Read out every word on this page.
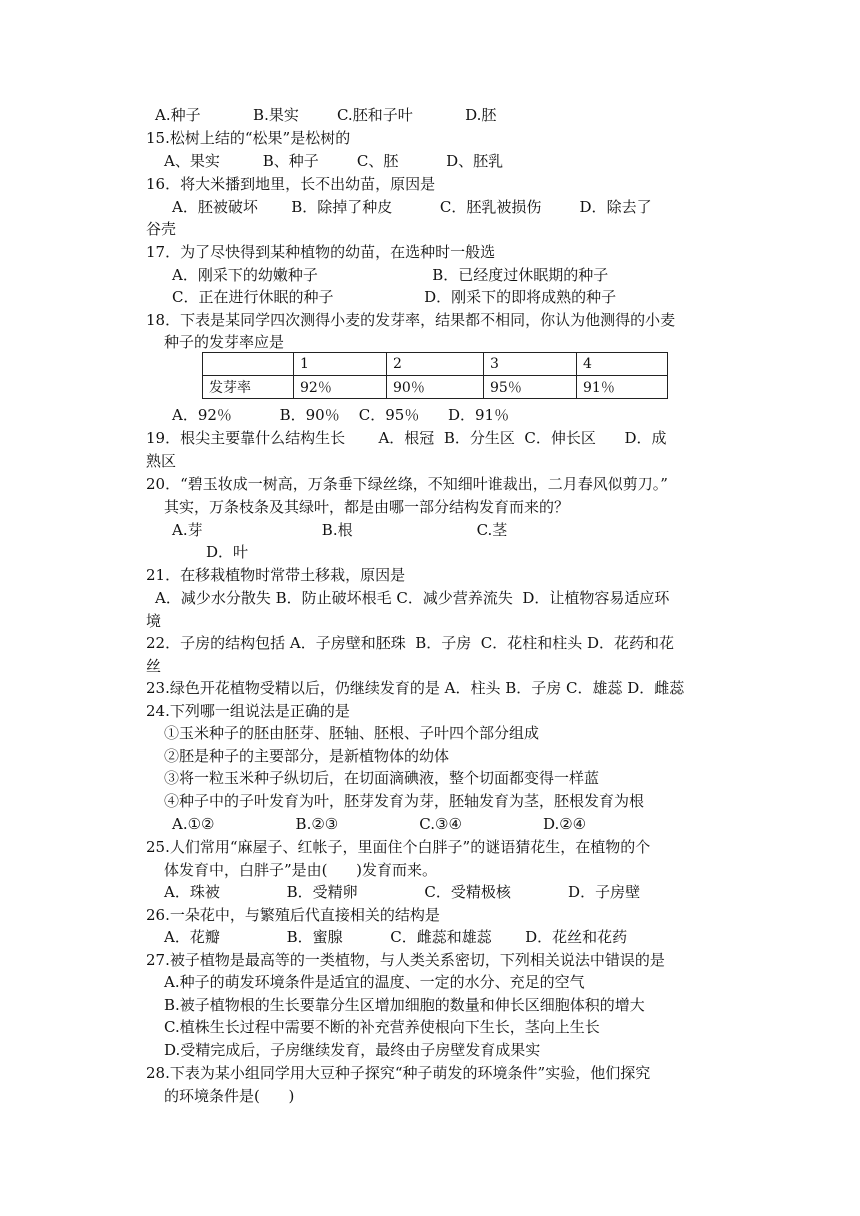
A.种子           B.果实        C.胚和子叶           D.胚
15.松树上结的“松果”是松树的
A、果实         B、种子        C、胚          D、胚乳
16．将大米播到地里，长不出幼苗，原因是
A．胚被破坏       B．除掉了种皮          C．胚乳被损伤        D．除去了
谷壳
17．为了尽快得到某种植物的幼苗，在选种时一般选
A．刚采下的幼嫩种子                        B．已经度过休眠期的种子
C．正在进行休眠的种子                   D．刚采下的即将成熟的种子
18．下表是某同学四次测得小麦的发芽率，结果都不相同，你认为他测得的小麦
种子的发芽率应是
	1	2	3	4
发芽率	92％	90％	95％	91％
A．92％          B．90％    C．95％      D．91％
19．根尖主要靠什么结构生长       A．根冠  B．分生区  C．伸长区      D．成
熟区
20．“碧玉妆成一树高，万条垂下绿丝绦，不知细叶谁裁出，二月春风似剪刀。”
其实，万条枝条及其绿叶，都是由哪一部分结构发育而来的？
A.芽                         B.根                          C.茎
D．叶
21．在移栽植物时常带土移栽，原因是
A．减少水分散失 B．防止破坏根毛 C．减少营养流失  D．让植物容易适应环
境
22．子房的结构包括 A．子房壁和胚珠  B．子房  C．花柱和柱头 D．花药和花
丝
23.绿色开花植物受精以后，仍继续发育的是 A．柱头 B．子房 C．雄蕊 D．雌蕊
24.下列哪一组说法是正确的是
①玉米种子的胚由胚芽、胚轴、胚根、子叶四个部分组成
②胚是种子的主要部分，是新植物体的幼体
③将一粒玉米种子纵切后，在切面滴碘液，整个切面都变得一样蓝
④种子中的子叶发育为叶，胚芽发育为芽，胚轴发育为茎，胚根发育为根
A.①②                 B.②③                 C.③④                 D.②④
25.人们常用“麻屋子、红帐子，里面住个白胖子”的谜语猜花生，在植物的个
体发育中，白胖子”是由(      )发育而来。
A．珠被              B．受精卵              C．受精极核            D．子房壁
26.一朵花中，与繁殖后代直接相关的结构是
A．花瓣              B．蜜腺          C．雌蕊和雄蕊       D．花丝和花药
27.被子植物是最高等的一类植物，与人类关系密切，下列相关说法中错误的是
A.种子的萌发环境条件是适宜的温度、一定的水分、充足的空气
B.被子植物根的生长要靠分生区增加细胞的数量和伸长区细胞体积的增大
C.植株生长过程中需要不断的补充营养使根向下生长，茎向上生长
D.受精完成后，子房继续发育，最终由子房壁发育成果实
28.下表为某小组同学用大豆种子探究“种子萌发的环境条件”实验，他们探究
的环境条件是(      )
